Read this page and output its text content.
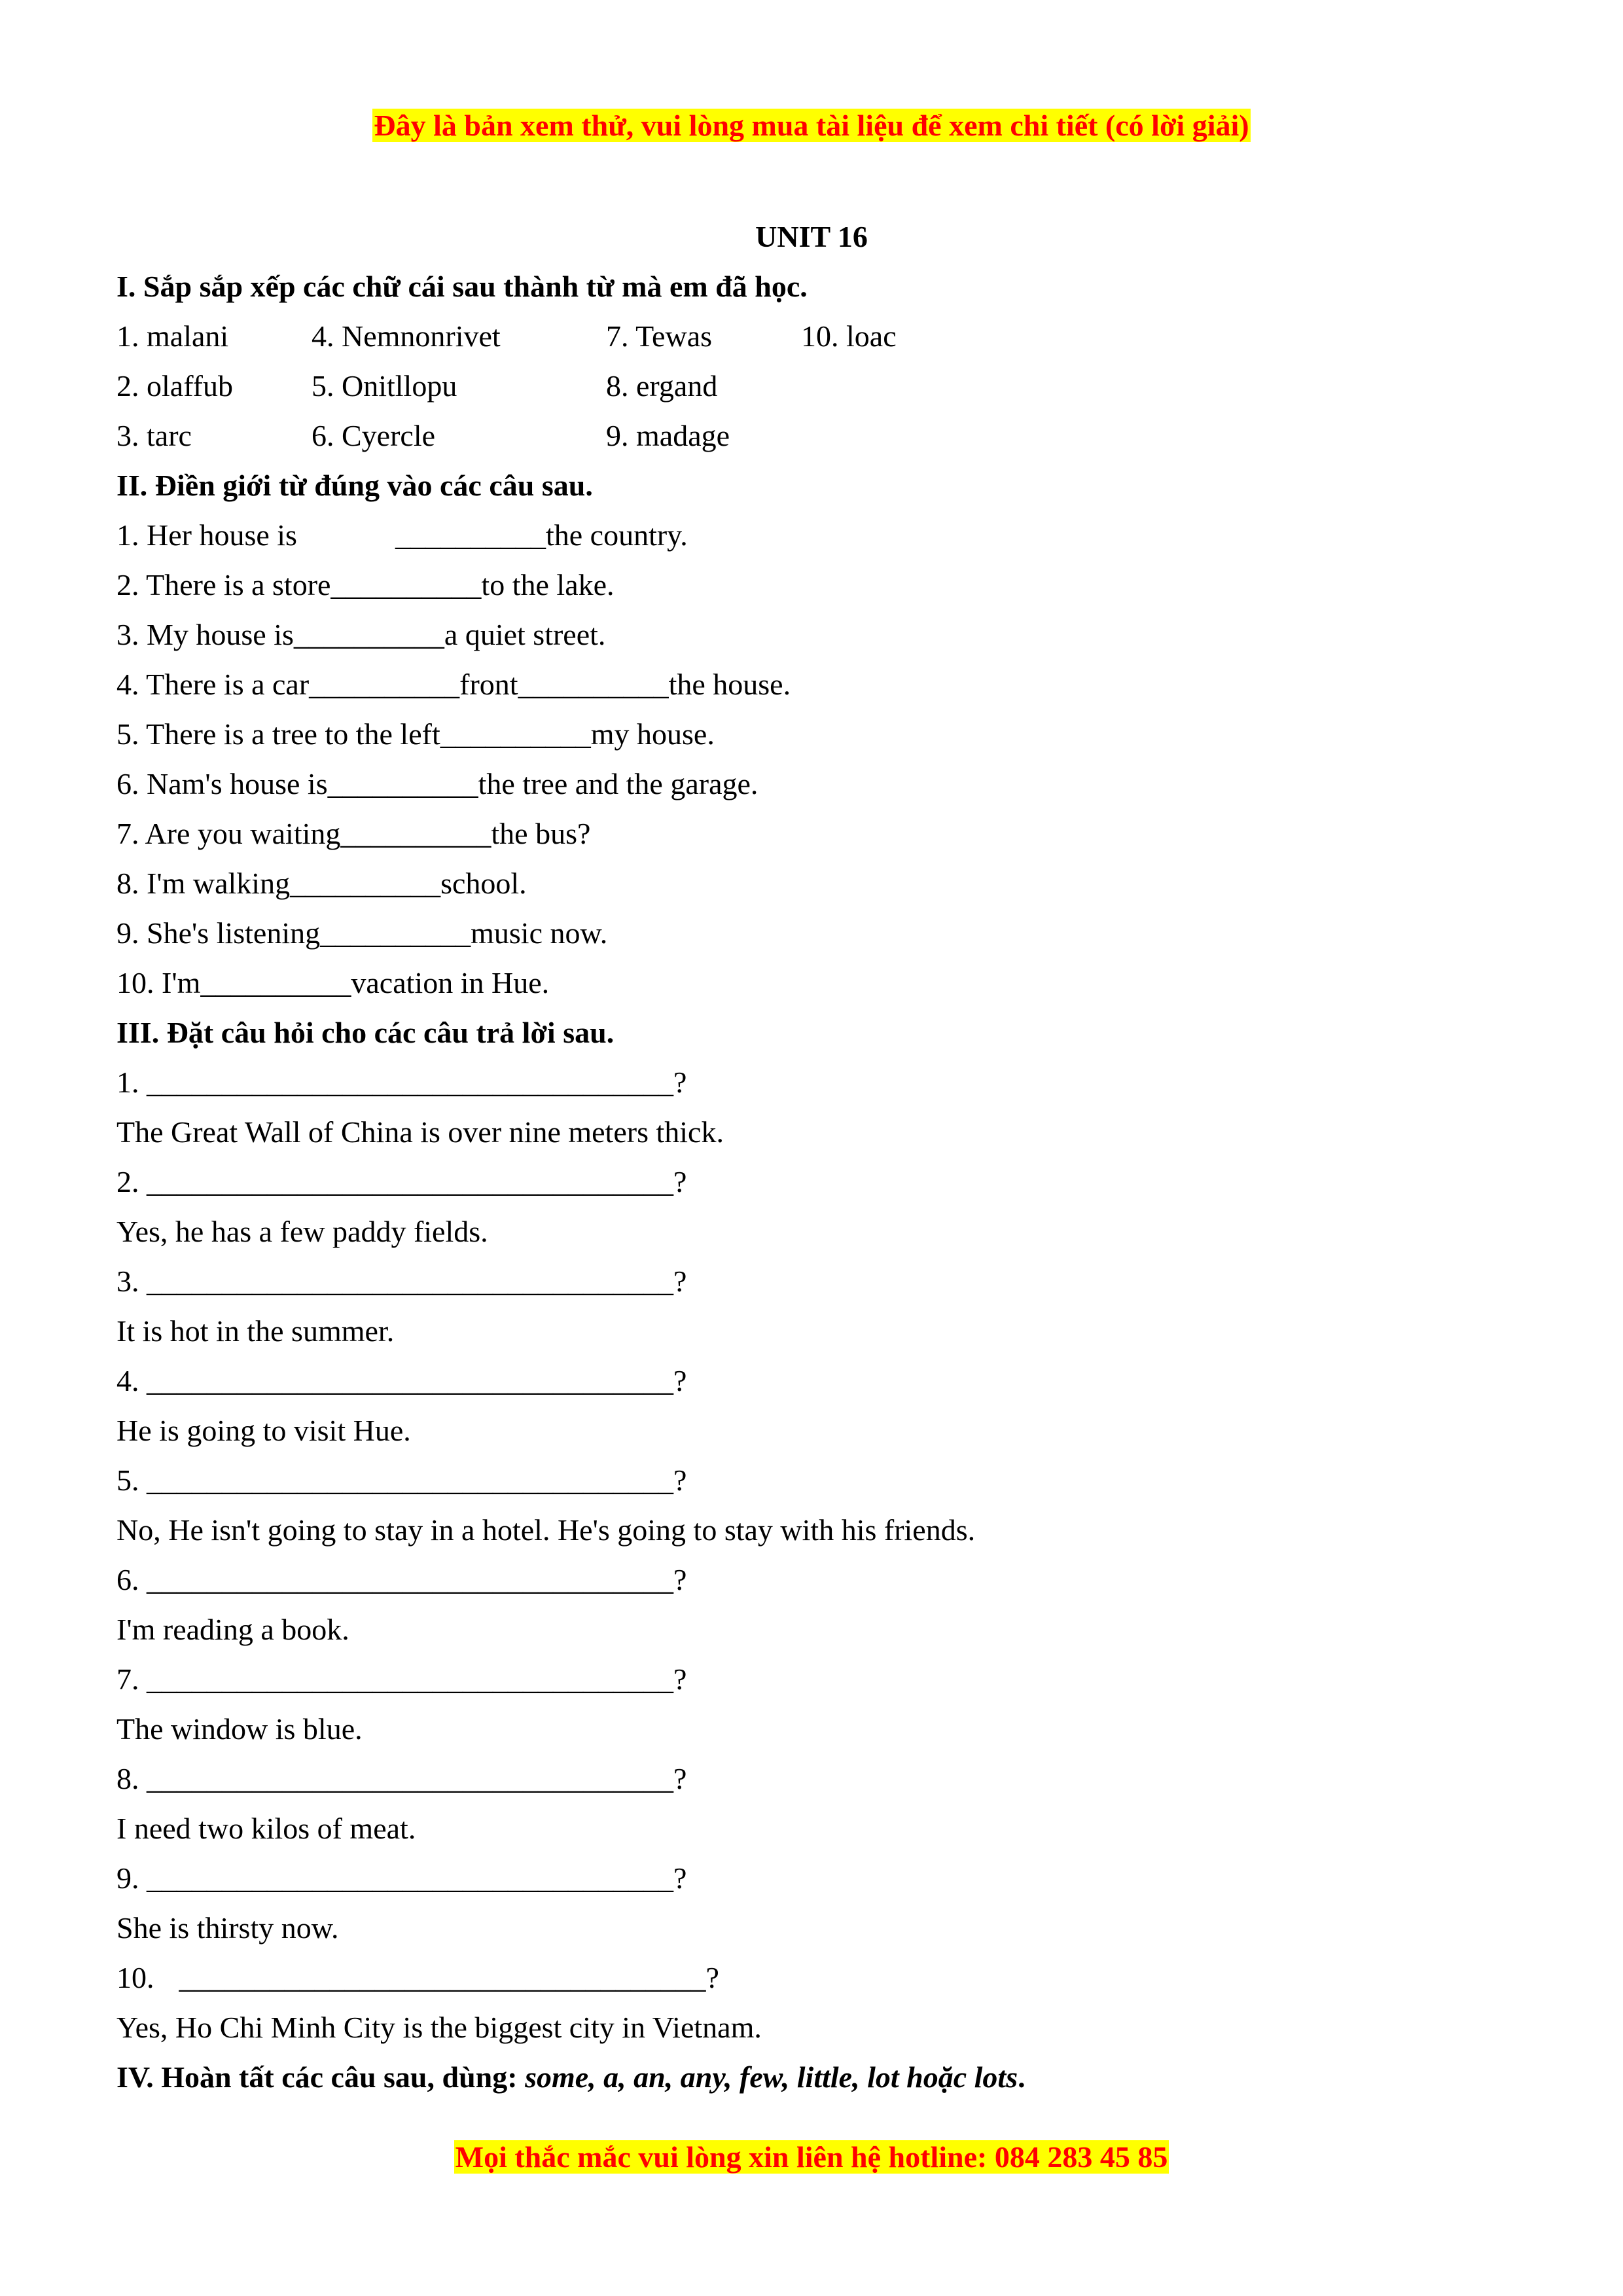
Đây là bản xem thử, vui lòng mua tài liệu để xem chi tiết (có lời giải)
UNIT 16
I. Sắp sắp xếp các chữ cái sau thành từ mà em đã học.
1. malani	4. Nemnonrivet	7. Tewas	10. loac
2. olaffub	5. Onitllopu	8. ergand
3. tarc	6. Cyercle	9. madage
II. Điền giới từ đúng vào các câu sau.
1. Her house is	__________the country.
2. There is a store__________to the lake.
3. My house is__________a quiet street.
4. There is a car__________front__________the house.
5. There is a tree to the left__________my house.
6. Nam's house is__________the tree and the garage.
7. Are you waiting__________the bus?
8. I'm walking__________school.
9. She's listening__________music now.
10. I'm__________vacation in Hue.
III. Đặt câu hỏi cho các câu trả lời sau.
1. ___________________________________?
The Great Wall of China is over nine meters thick.
2. ___________________________________?
Yes, he has a few paddy fields.
3. ___________________________________?
It is hot in the summer.
4. ___________________________________?
He is going to visit Hue.
5. ___________________________________?
No, He isn't going to stay in a hotel. He's going to stay with his friends.
6. ___________________________________?
I'm reading a book.
7. ___________________________________?
The window is blue.
8. ___________________________________?
I need two kilos of meat.
9. ___________________________________?
She is thirsty now.
10. ___________________________________?
Yes, Ho Chi Minh City is the biggest city in Vietnam.
IV. Hoàn tất các câu sau, dùng: some, a, an, any, few, little, lot hoặc lots.
Mọi thắc mắc vui lòng xin liên hệ hotline: 084 283 45 85
